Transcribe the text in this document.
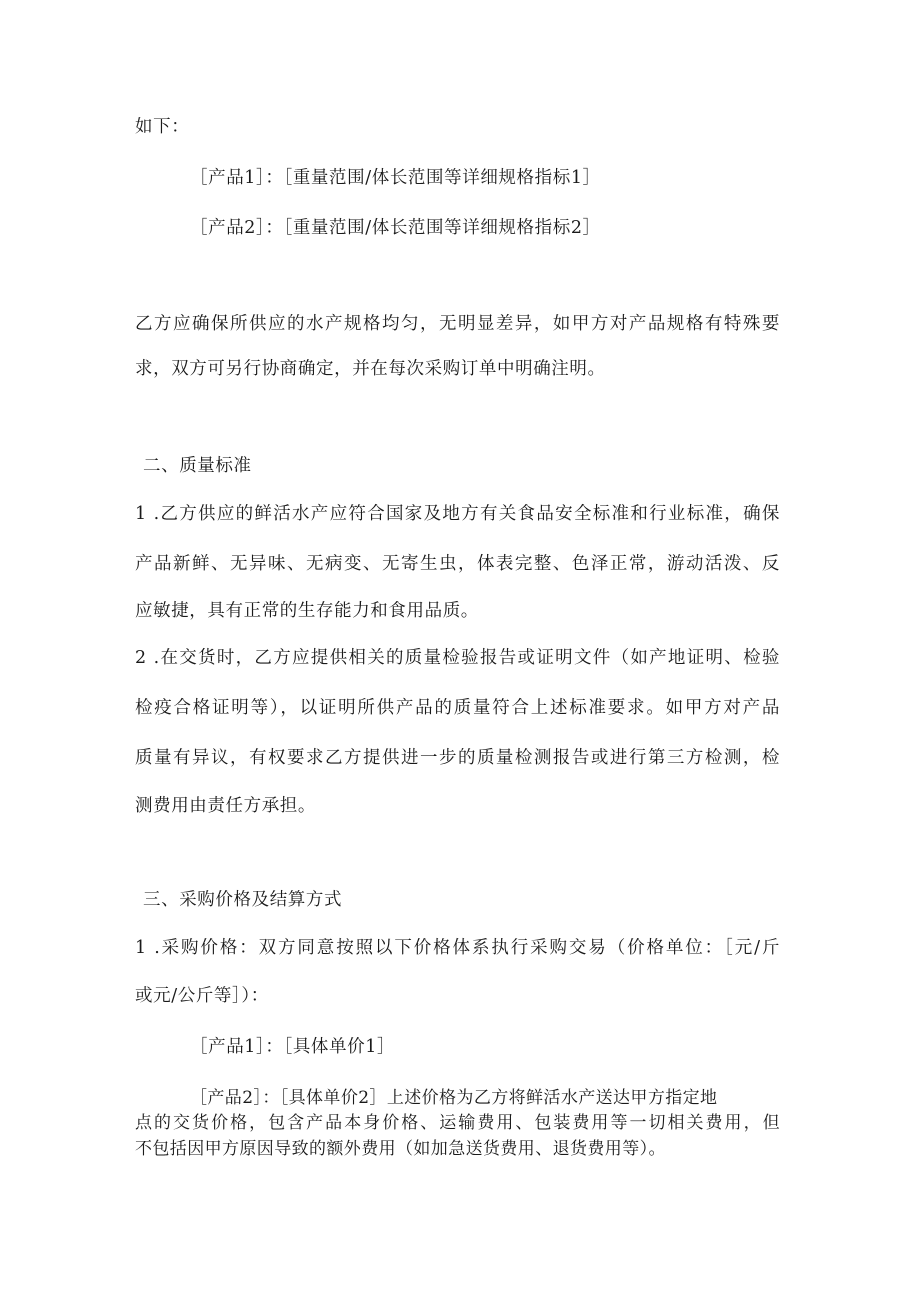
如下：
［产品1］：［重量范围/体长范围等详细规格指标1］
［产品2］：［重量范围/体长范围等详细规格指标2］
乙方应确保所供应的水产规格均匀，无明显差异，如甲方对产品规格有特殊要
求，双方可另行协商确定，并在每次采购订单中明确注明。
二、质量标准
1 .乙方供应的鲜活水产应符合国家及地方有关食品安全标准和行业标准，确保
产品新鲜、无异味、无病变、无寄生虫，体表完整、色泽正常，游动活泼、反
应敏捷，具有正常的生存能力和食用品质。
2 .在交货时，乙方应提供相关的质量检验报告或证明文件（如产地证明、检验
检疫合格证明等），以证明所供产品的质量符合上述标准要求。如甲方对产品
质量有异议，有权要求乙方提供进一步的质量检测报告或进行第三方检测，检
测费用由责任方承担。
三、采购价格及结算方式
1 .采购价格：双方同意按照以下价格体系执行采购交易（价格单位：［元/斤
或元/公斤等］）：
［产品1］：［具体单价1］
［产品2］：［具体单价2］上述价格为乙方将鲜活水产送达甲方指定地
点的交货价格，包含产品本身价格、运输费用、包装费用等一切相关费用，但
不包括因甲方原因导致的额外费用（如加急送货费用、退货费用等）。
